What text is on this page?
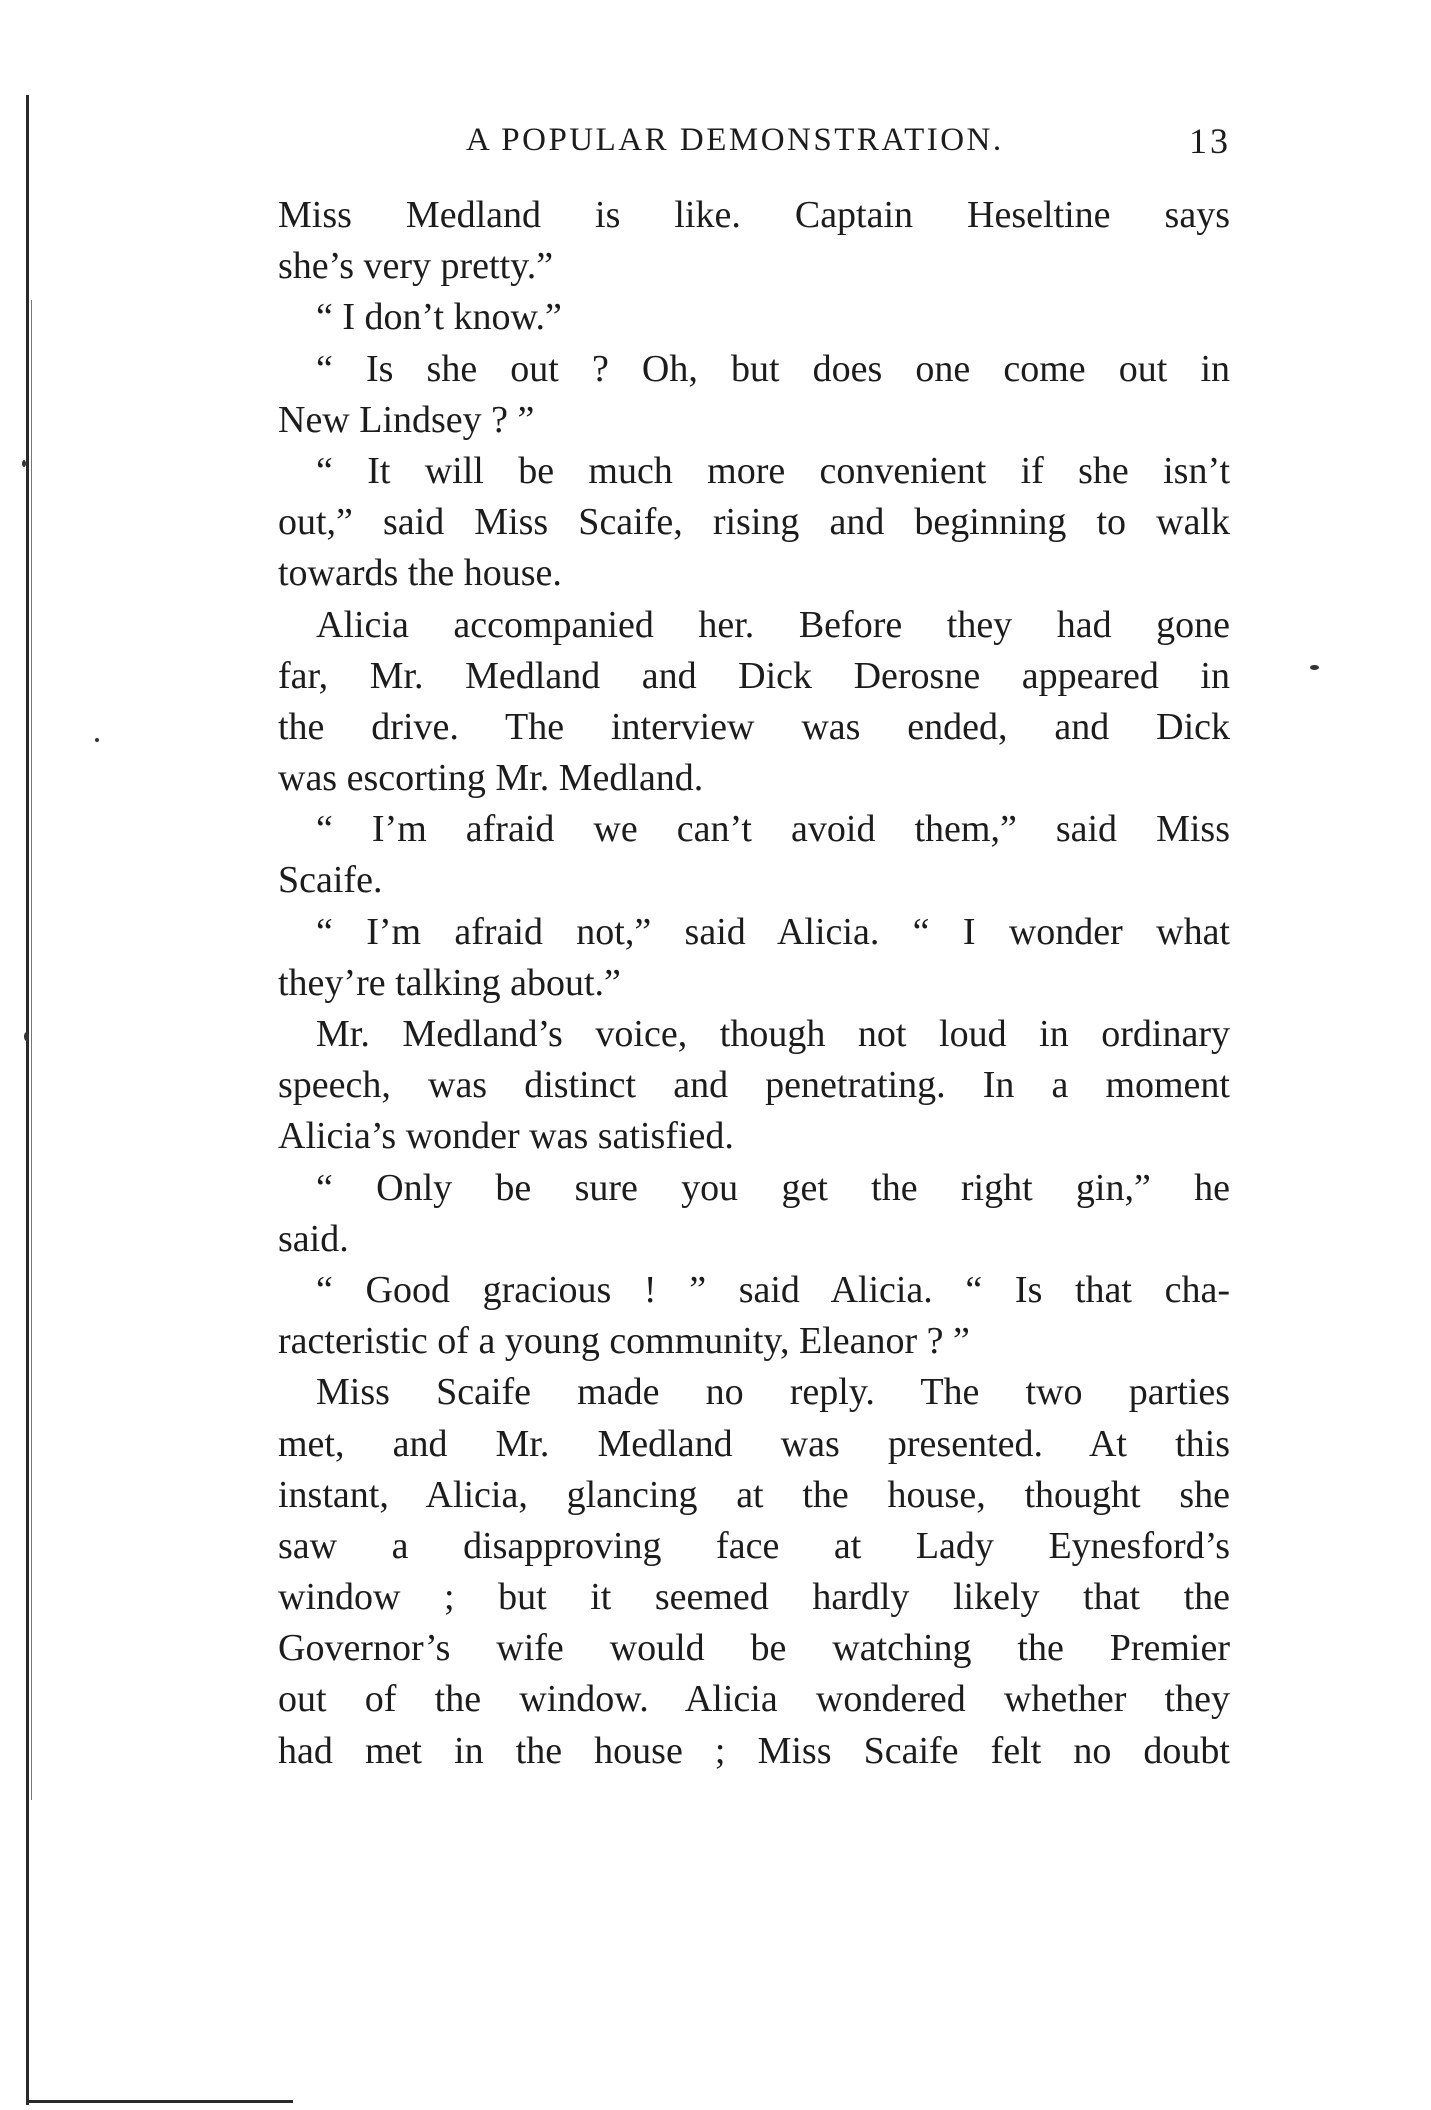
A POPULAR DEMONSTRATION.	13
Miss Medland is like. Captain Heseltine says
she’s very pretty.”
“ I don’t know.”
“ Is she out ? Oh, but does one come out in
New Lindsey ? ”
“ It will be much more convenient if she isn’t
out,” said Miss Scaife, rising and beginning to walk
towards the house.
Alicia accompanied her. Before they had gone
far, Mr. Medland and Dick Derosne appeared in
the drive. The interview was ended, and Dick
was escorting Mr. Medland.
“ I’m afraid we can’t avoid them,” said Miss
Scaife.
“ I’m afraid not,” said Alicia. “ I wonder what
they’re talking about.”
Mr. Medland’s voice, though not loud in ordinary
speech, was distinct and penetrating. In a moment
Alicia’s wonder was satisfied.
“ Only be sure you get the right gin,” he
said.
“ Good gracious ! ” said Alicia. “ Is that cha-
racteristic of a young community, Eleanor ? ”
Miss Scaife made no reply. The two parties
met, and Mr. Medland was presented. At this
instant, Alicia, glancing at the house, thought she
saw a disapproving face at Lady Eynesford’s
window ; but it seemed hardly likely that the
Governor’s wife would be watching the Premier
out of the window. Alicia wondered whether they
had met in the house ; Miss Scaife felt no doubt
